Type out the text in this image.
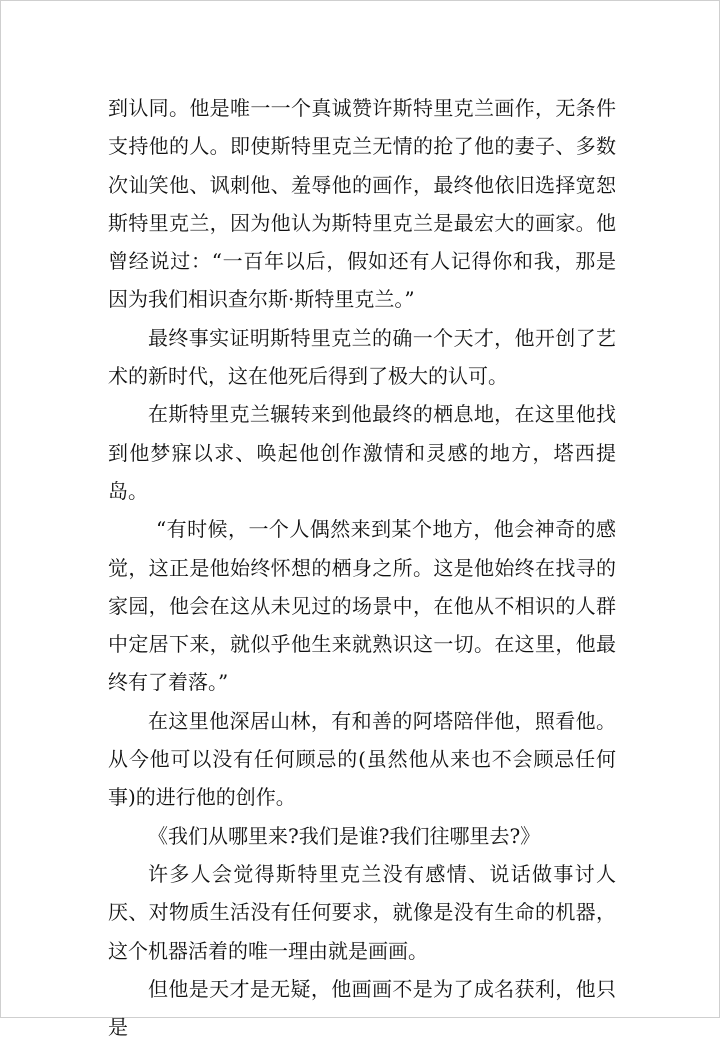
到认同。他是唯一一个真诚赞许斯特里克兰画作，无条件支持他的人。即使斯特里克兰无情的抢了他的妻子、多数次讪笑他、讽刺他、羞辱他的画作，最终他依旧选择宽恕斯特里克兰，因为他认为斯特里克兰是最宏大的画家。他曾经说过：“一百年以后，假如还有人记得你和我，那是因为我们相识查尔斯·斯特里克兰。”

最终事实证明斯特里克兰的确一个天才，他开创了艺术的新时代，这在他死后得到了极大的认可。

在斯特里克兰辗转来到他最终的栖息地，在这里他找到他梦寐以求、唤起他创作激情和灵感的地方，塔西提岛。

“有时候，一个人偶然来到某个地方，他会神奇的感觉，这正是他始终怀想的栖身之所。这是他始终在找寻的家园，他会在这从未见过的场景中，在他从不相识的人群中定居下来，就似乎他生来就熟识这一切。在这里，他最终有了着落。”

在这里他深居山林，有和善的阿塔陪伴他，照看他。从今他可以没有任何顾忌的(虽然他从来也不会顾忌任何事)的进行他的创作。

《我们从哪里来?我们是谁?我们往哪里去?》

许多人会觉得斯特里克兰没有感情、说话做事讨人厌、对物质生活没有任何要求，就像是没有生命的机器，这个机器活着的唯一理由就是画画。

但他是天才是无疑，他画画不是为了成名获利，他只是
